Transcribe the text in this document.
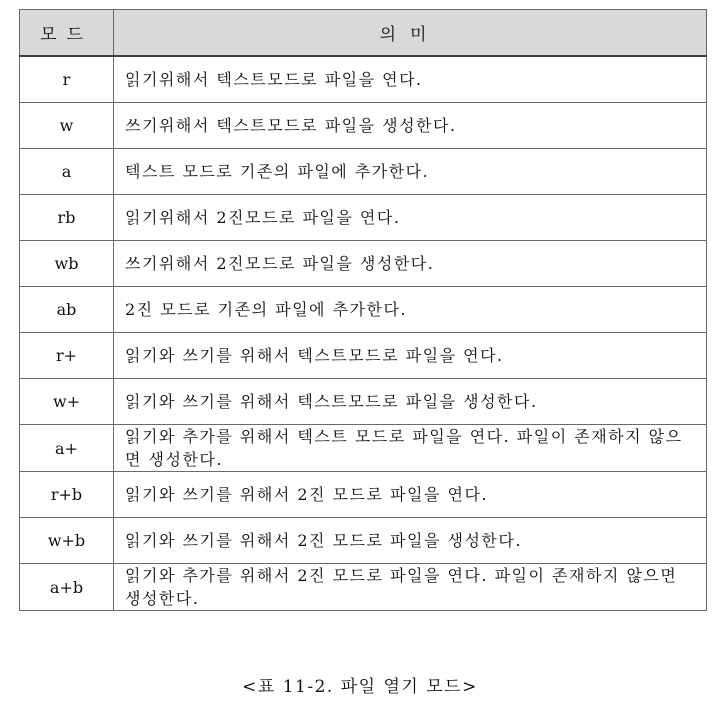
모드	의미
r	읽기위해서 텍스트모드로 파일을 연다.
w	쓰기위해서 텍스트모드로 파일을 생성한다.
a	텍스트 모드로 기존의 파일에 추가한다.
rb	읽기위해서 2진모드로 파일을 연다.
wb	쓰기위해서 2진모드로 파일을 생성한다.
ab	2진 모드로 기존의 파일에 추가한다.
r+	읽기와 쓰기를 위해서 텍스트모드로 파일을 연다.
w+	읽기와 쓰기를 위해서 텍스트모드로 파일을 생성한다.
a+	읽기와 추가를 위해서 텍스트 모드로 파일을 연다. 파일이 존재하지 않으면 생성한다.
r+b	읽기와 쓰기를 위해서 2진 모드로 파일을 연다.
w+b	읽기와 쓰기를 위해서 2진 모드로 파일을 생성한다.
a+b	읽기와 추가를 위해서 2진 모드로 파일을 연다. 파일이 존재하지 않으면 생성한다.
<표 11-2. 파일 열기 모드>
